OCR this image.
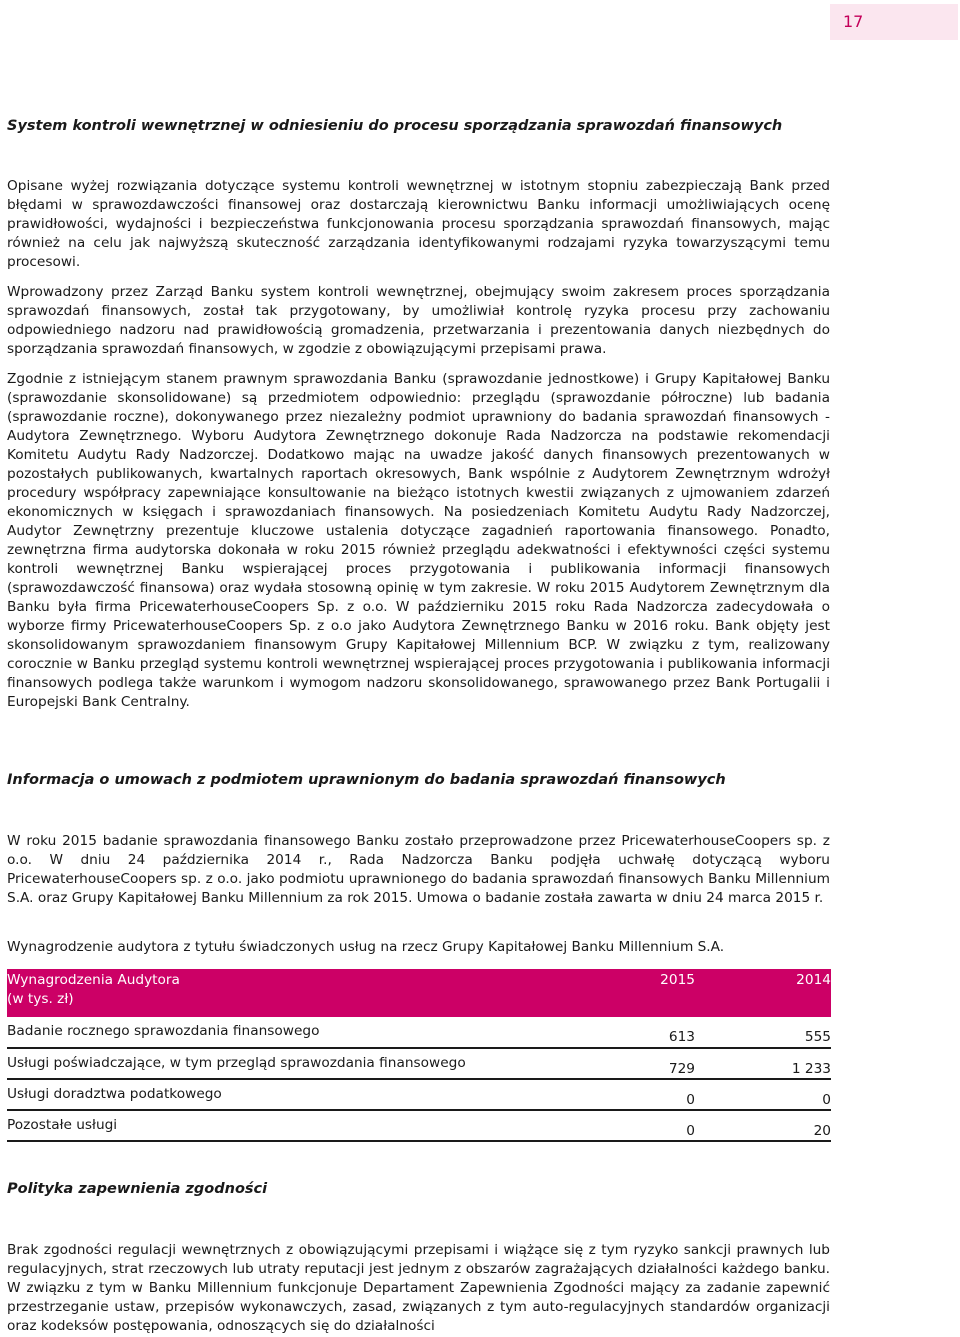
17
System kontroli wewnętrznej w odniesieniu do procesu sporządzania sprawozdań finansowych

Opisane wyżej rozwiązania dotyczące systemu kontroli wewnętrznej w istotnym stopniu zabezpieczają Bank przed błędami w sprawozdawczości finansowej oraz dostarczają kierownictwu Banku informacji umożliwiających ocenę prawidłowości, wydajności i bezpieczeństwa funkcjonowania procesu sporządzania sprawozdań finansowych, mając również na celu jak najwyższą skuteczność zarządzania identyfikowanymi rodzajami ryzyka towarzyszącymi temu procesowi.

Wprowadzony przez Zarząd Banku system kontroli wewnętrznej, obejmujący swoim zakresem proces sporządzania sprawozdań finansowych, został tak przygotowany, by umożliwiał kontrolę ryzyka procesu przy zachowaniu odpowiedniego nadzoru nad prawidłowością gromadzenia, przetwarzania i prezentowania danych niezbędnych do sporządzania sprawozdań finansowych, w zgodzie z obowiązującymi przepisami prawa.

Zgodnie z istniejącym stanem prawnym sprawozdania Banku (sprawozdanie jednostkowe) i Grupy Kapitałowej Banku (sprawozdanie skonsolidowane) są przedmiotem odpowiednio: przeglądu (sprawozdanie półroczne) lub badania (sprawozdanie roczne), dokonywanego przez niezależny podmiot uprawniony do badania sprawozdań finansowych - Audytora Zewnętrznego. Wyboru Audytora Zewnętrznego dokonuje Rada Nadzorcza na podstawie rekomendacji Komitetu Audytu Rady Nadzorczej. Dodatkowo mając na uwadze jakość danych finansowych prezentowanych w pozostałych publikowanych, kwartalnych raportach okresowych, Bank wspólnie z Audytorem Zewnętrznym wdrożył procedury współpracy zapewniające konsultowanie na bieżąco istotnych kwestii związanych z ujmowaniem zdarzeń ekonomicznych w księgach i sprawozdaniach finansowych. Na posiedzeniach Komitetu Audytu Rady Nadzorczej, Audytor Zewnętrzny prezentuje kluczowe ustalenia dotyczące zagadnień raportowania finansowego. Ponadto, zewnętrzna firma audytorska dokonała w roku 2015 również przeglądu adekwatności i efektywności części systemu kontroli wewnętrznej Banku wspierającej proces przygotowania i publikowania informacji finansowych (sprawozdawczość finansowa) oraz wydała stosowną opinię w tym zakresie. W roku 2015 Audytorem Zewnętrznym dla Banku była firma PricewaterhouseCoopers Sp. z o.o. W październiku 2015 roku Rada Nadzorcza zadecydowała o wyborze firmy PricewaterhouseCoopers Sp. z o.o jako Audytora Zewnętrznego Banku w 2016 roku. Bank objęty jest skonsolidowanym sprawozdaniem finansowym Grupy Kapitałowej Millennium BCP. W związku z tym, realizowany corocznie w Banku przegląd systemu kontroli wewnętrznej wspierającej proces przygotowania i publikowania informacji finansowych podlega także warunkom i wymogom nadzoru skonsolidowanego, sprawowanego przez Bank Portugalii i Europejski Bank Centralny.

Informacja o umowach z podmiotem uprawnionym do badania sprawozdań finansowych

W roku 2015 badanie sprawozdania finansowego Banku zostało przeprowadzone przez PricewaterhouseCoopers sp. z o.o. W dniu 24 października 2014 r., Rada Nadzorcza Banku podjęła uchwałę dotyczącą wyboru PricewaterhouseCoopers sp. z o.o. jako podmiotu uprawnionego do badania sprawozdań finansowych Banku Millennium S.A. oraz Grupy Kapitałowej Banku Millennium za rok 2015. Umowa o badanie została zawarta w dniu 24 marca 2015 r.

Wynagrodzenie audytora z tytułu świadczonych usług na rzecz Grupy Kapitałowej Banku Millennium S.A.

Wynagrodzenia Audytora
(w tys. zł)
2015	2014
Badanie rocznego sprawozdania finansowego	613	555
Usługi poświadczające, w tym przegląd sprawozdania finansowego	729	1 233
Usługi doradztwa podatkowego	0	0
Pozostałe usługi	0	20
Polityka zapewnienia zgodności

Brak zgodności regulacji wewnętrznych z obowiązującymi przepisami i wiążące się z tym ryzyko sankcji prawnych lub regulacyjnych, strat rzeczowych lub utraty reputacji jest jednym z obszarów zagrażających działalności każdego banku. W związku z tym w Banku Millennium funkcjonuje Departament Zapewnienia Zgodności mający za zadanie zapewnić przestrzeganie ustaw, przepisów wykonawczych, zasad, związanych z tym auto-regulacyjnych standardów organizacji oraz kodeksów postępowania, odnoszących się do działalności
